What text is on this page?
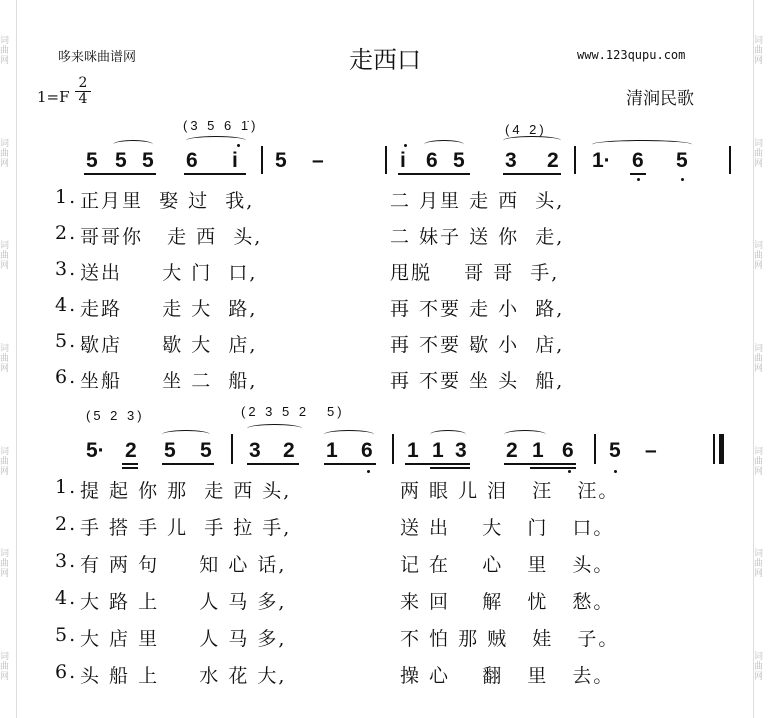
词曲网
词曲网
词曲网
词曲网
词曲网
词曲网
词曲网
词曲网
词曲网
词曲网
词曲网
词曲网
词曲网
词曲网
哆来咪曲谱网	走西口	www.123qupu.com
1=F
2
4	清涧民歌
(3 5 6 1̇)	(4 2)
5 5 5 6 i 5 –	i 6 5 3 2 1· 6 5
1. 正月里  娶 过  我,	二 月里 走 西  头,
2. 哥哥你   走 西  头,	二 妹子 送 你  走,
3. 送出     大 门  口,	甩脱    哥 哥  手,
4. 走路     走 大  路,	再 不要 走 小  路,
5. 歇店     歇 大  店,	再 不要 歇 小  店,
6. 坐船     坐 二  船,	再 不要 坐 头  船,
(5 2 3)	(2 3 5 2 5)
5· 2 5 5 3 2 1 6 1 1 3 2 1 6 5 –
1. 提 起 你 那  走 西 头,	两 眼 儿 泪   汪   汪。
2. 手 搭 手 儿  手 拉 手,	送 出    大   门   口。
3. 有 两 句     知 心 话,	记 在    心   里   头。
4. 大 路 上     人 马 多,	来 回    解   忧   愁。
5. 大 店 里     人 马 多,	不 怕 那 贼   娃   子。
6. 头 船 上     水 花 大,	操 心    翻   里   去。
